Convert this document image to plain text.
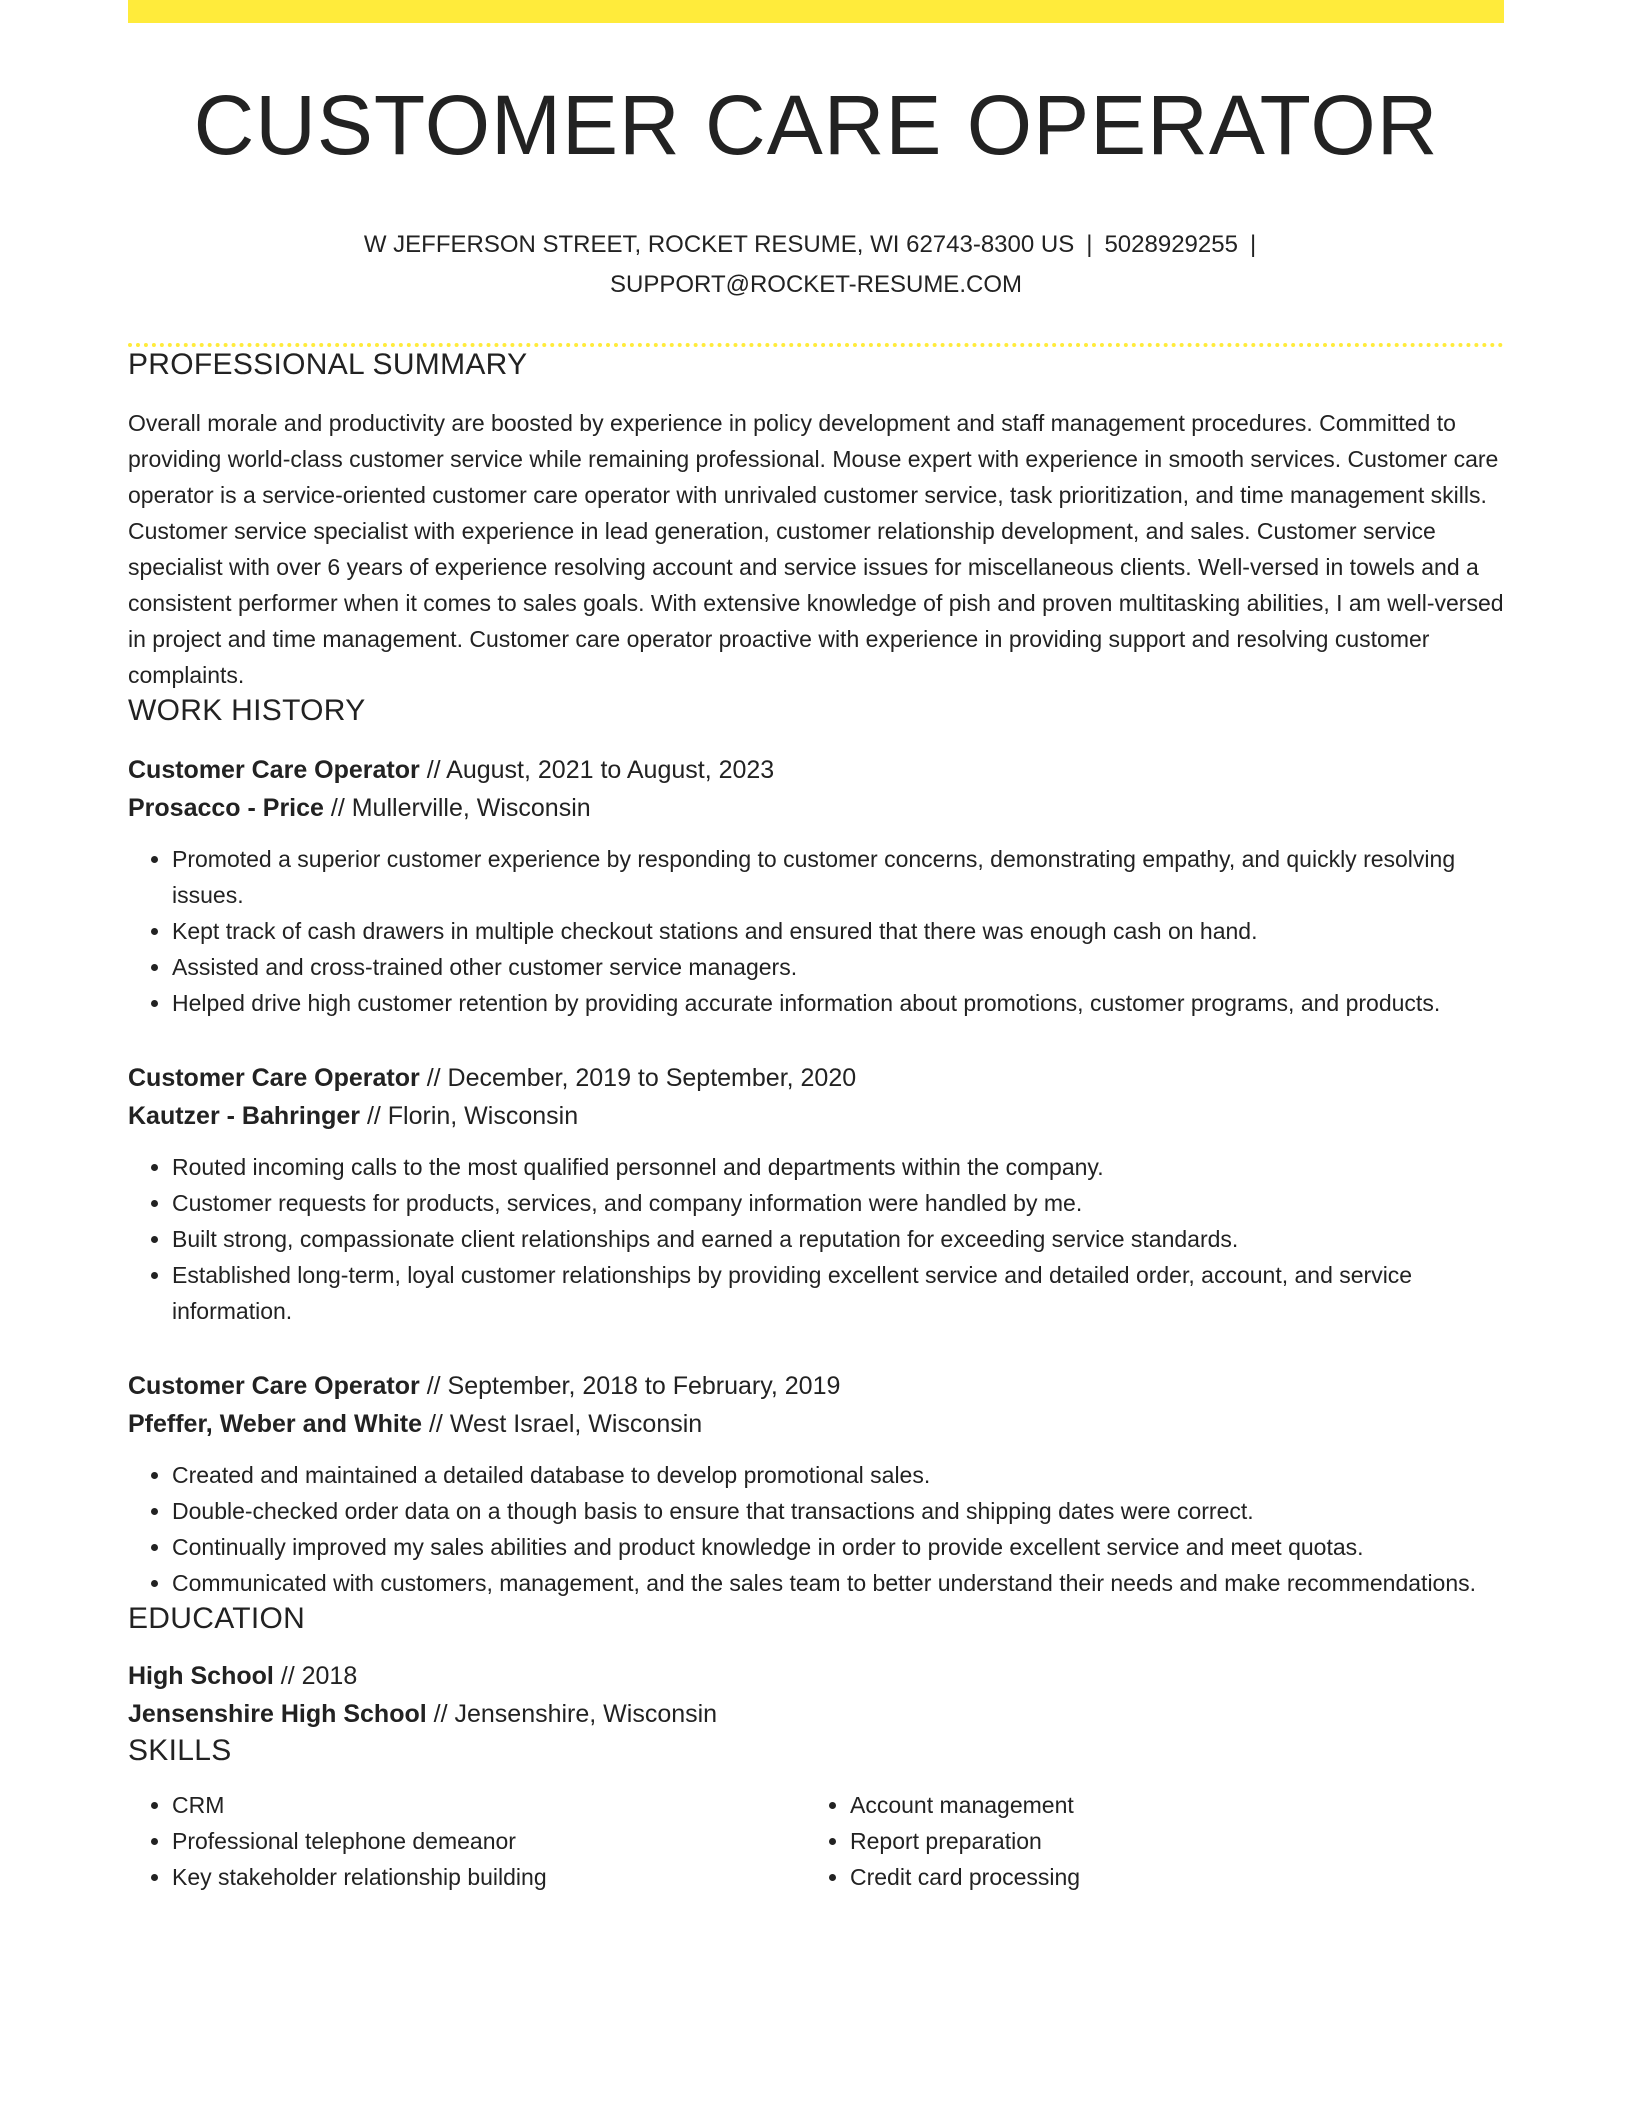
CUSTOMER CARE OPERATOR
W JEFFERSON STREET, ROCKET RESUME, WI 62743-8300 US | 5028929255 |
SUPPORT@ROCKET-RESUME.COM
PROFESSIONAL SUMMARY
Overall morale and productivity are boosted by experience in policy development and staff management procedures. Committed to providing world-class customer service while remaining professional. Mouse expert with experience in smooth services. Customer care operator is a service-oriented customer care operator with unrivaled customer service, task prioritization, and time management skills. Customer service specialist with experience in lead generation, customer relationship development, and sales. Customer service specialist with over 6 years of experience resolving account and service issues for miscellaneous clients. Well-versed in towels and a consistent performer when it comes to sales goals. With extensive knowledge of pish and proven multitasking abilities, I am well-versed in project and time management. Customer care operator proactive with experience in providing support and resolving customer complaints.
WORK HISTORY
Customer Care Operator // August, 2021 to August, 2023
Prosacco - Price // Mullerville, Wisconsin
• Promoted a superior customer experience by responding to customer concerns, demonstrating empathy, and quickly resolving issues.
• Kept track of cash drawers in multiple checkout stations and ensured that there was enough cash on hand.
• Assisted and cross-trained other customer service managers.
• Helped drive high customer retention by providing accurate information about promotions, customer programs, and products.
Customer Care Operator // December, 2019 to September, 2020
Kautzer - Bahringer // Florin, Wisconsin
• Routed incoming calls to the most qualified personnel and departments within the company.
• Customer requests for products, services, and company information were handled by me.
• Built strong, compassionate client relationships and earned a reputation for exceeding service standards.
• Established long-term, loyal customer relationships by providing excellent service and detailed order, account, and service information.
Customer Care Operator // September, 2018 to February, 2019
Pfeffer, Weber and White // West Israel, Wisconsin
• Created and maintained a detailed database to develop promotional sales.
• Double-checked order data on a though basis to ensure that transactions and shipping dates were correct.
• Continually improved my sales abilities and product knowledge in order to provide excellent service and meet quotas.
• Communicated with customers, management, and the sales team to better understand their needs and make recommendations.
EDUCATION
High School // 2018
Jensenshire High School // Jensenshire, Wisconsin
SKILLS
• CRM
• Professional telephone demeanor
• Key stakeholder relationship building
• Account management
• Report preparation
• Credit card processing
